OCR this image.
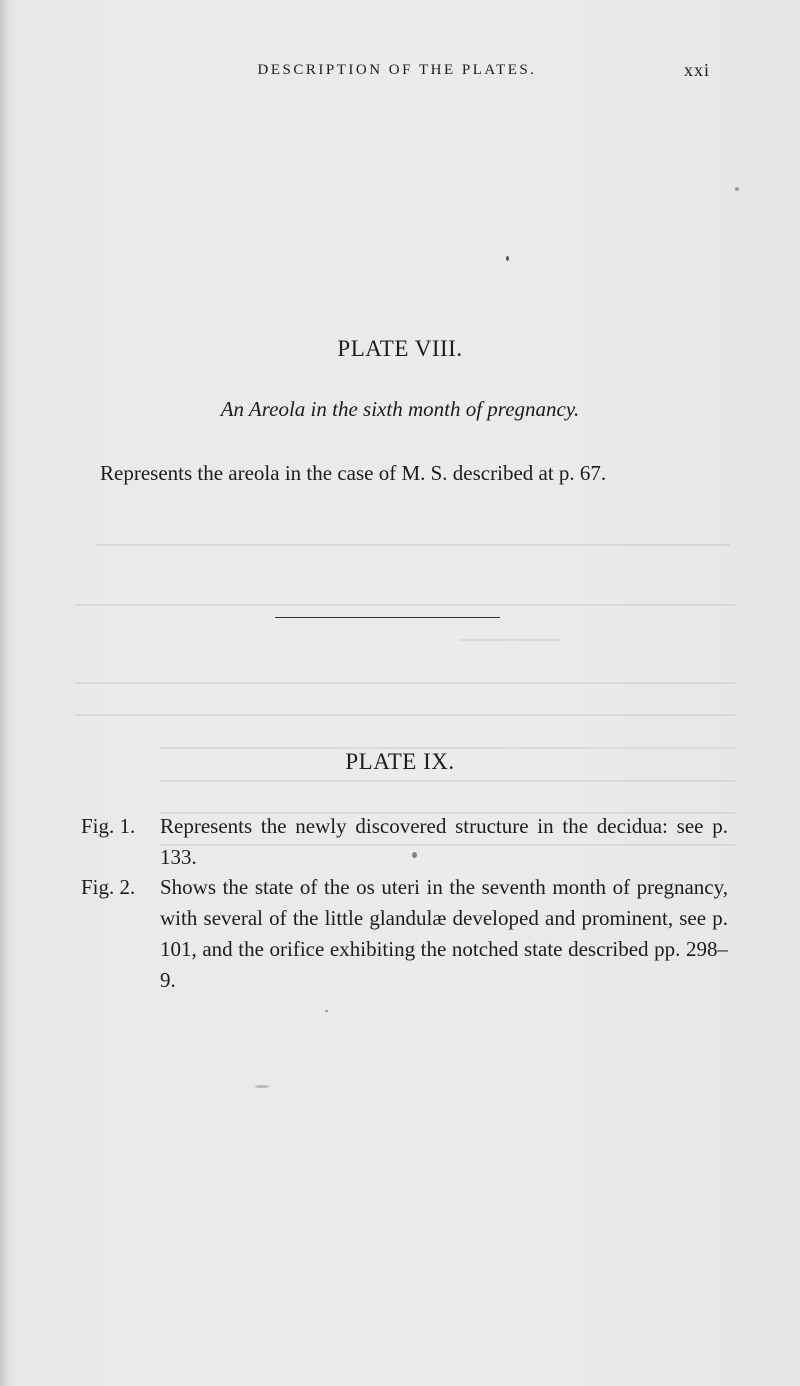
DESCRIPTION OF THE PLATES.	xxi
PLATE VIII.
An Areola in the sixth month of pregnancy.
Represents the areola in the case of M. S. described at p. 67.
PLATE IX.
Fig. 1. Represents the newly discovered structure in the decidua: see p. 133.
Fig. 2. Shows the state of the os uteri in the seventh month of pregnancy, with several of the little glandulæ developed and prominent, see p. 101, and the orifice exhibiting the notched state described pp. 298–9.
